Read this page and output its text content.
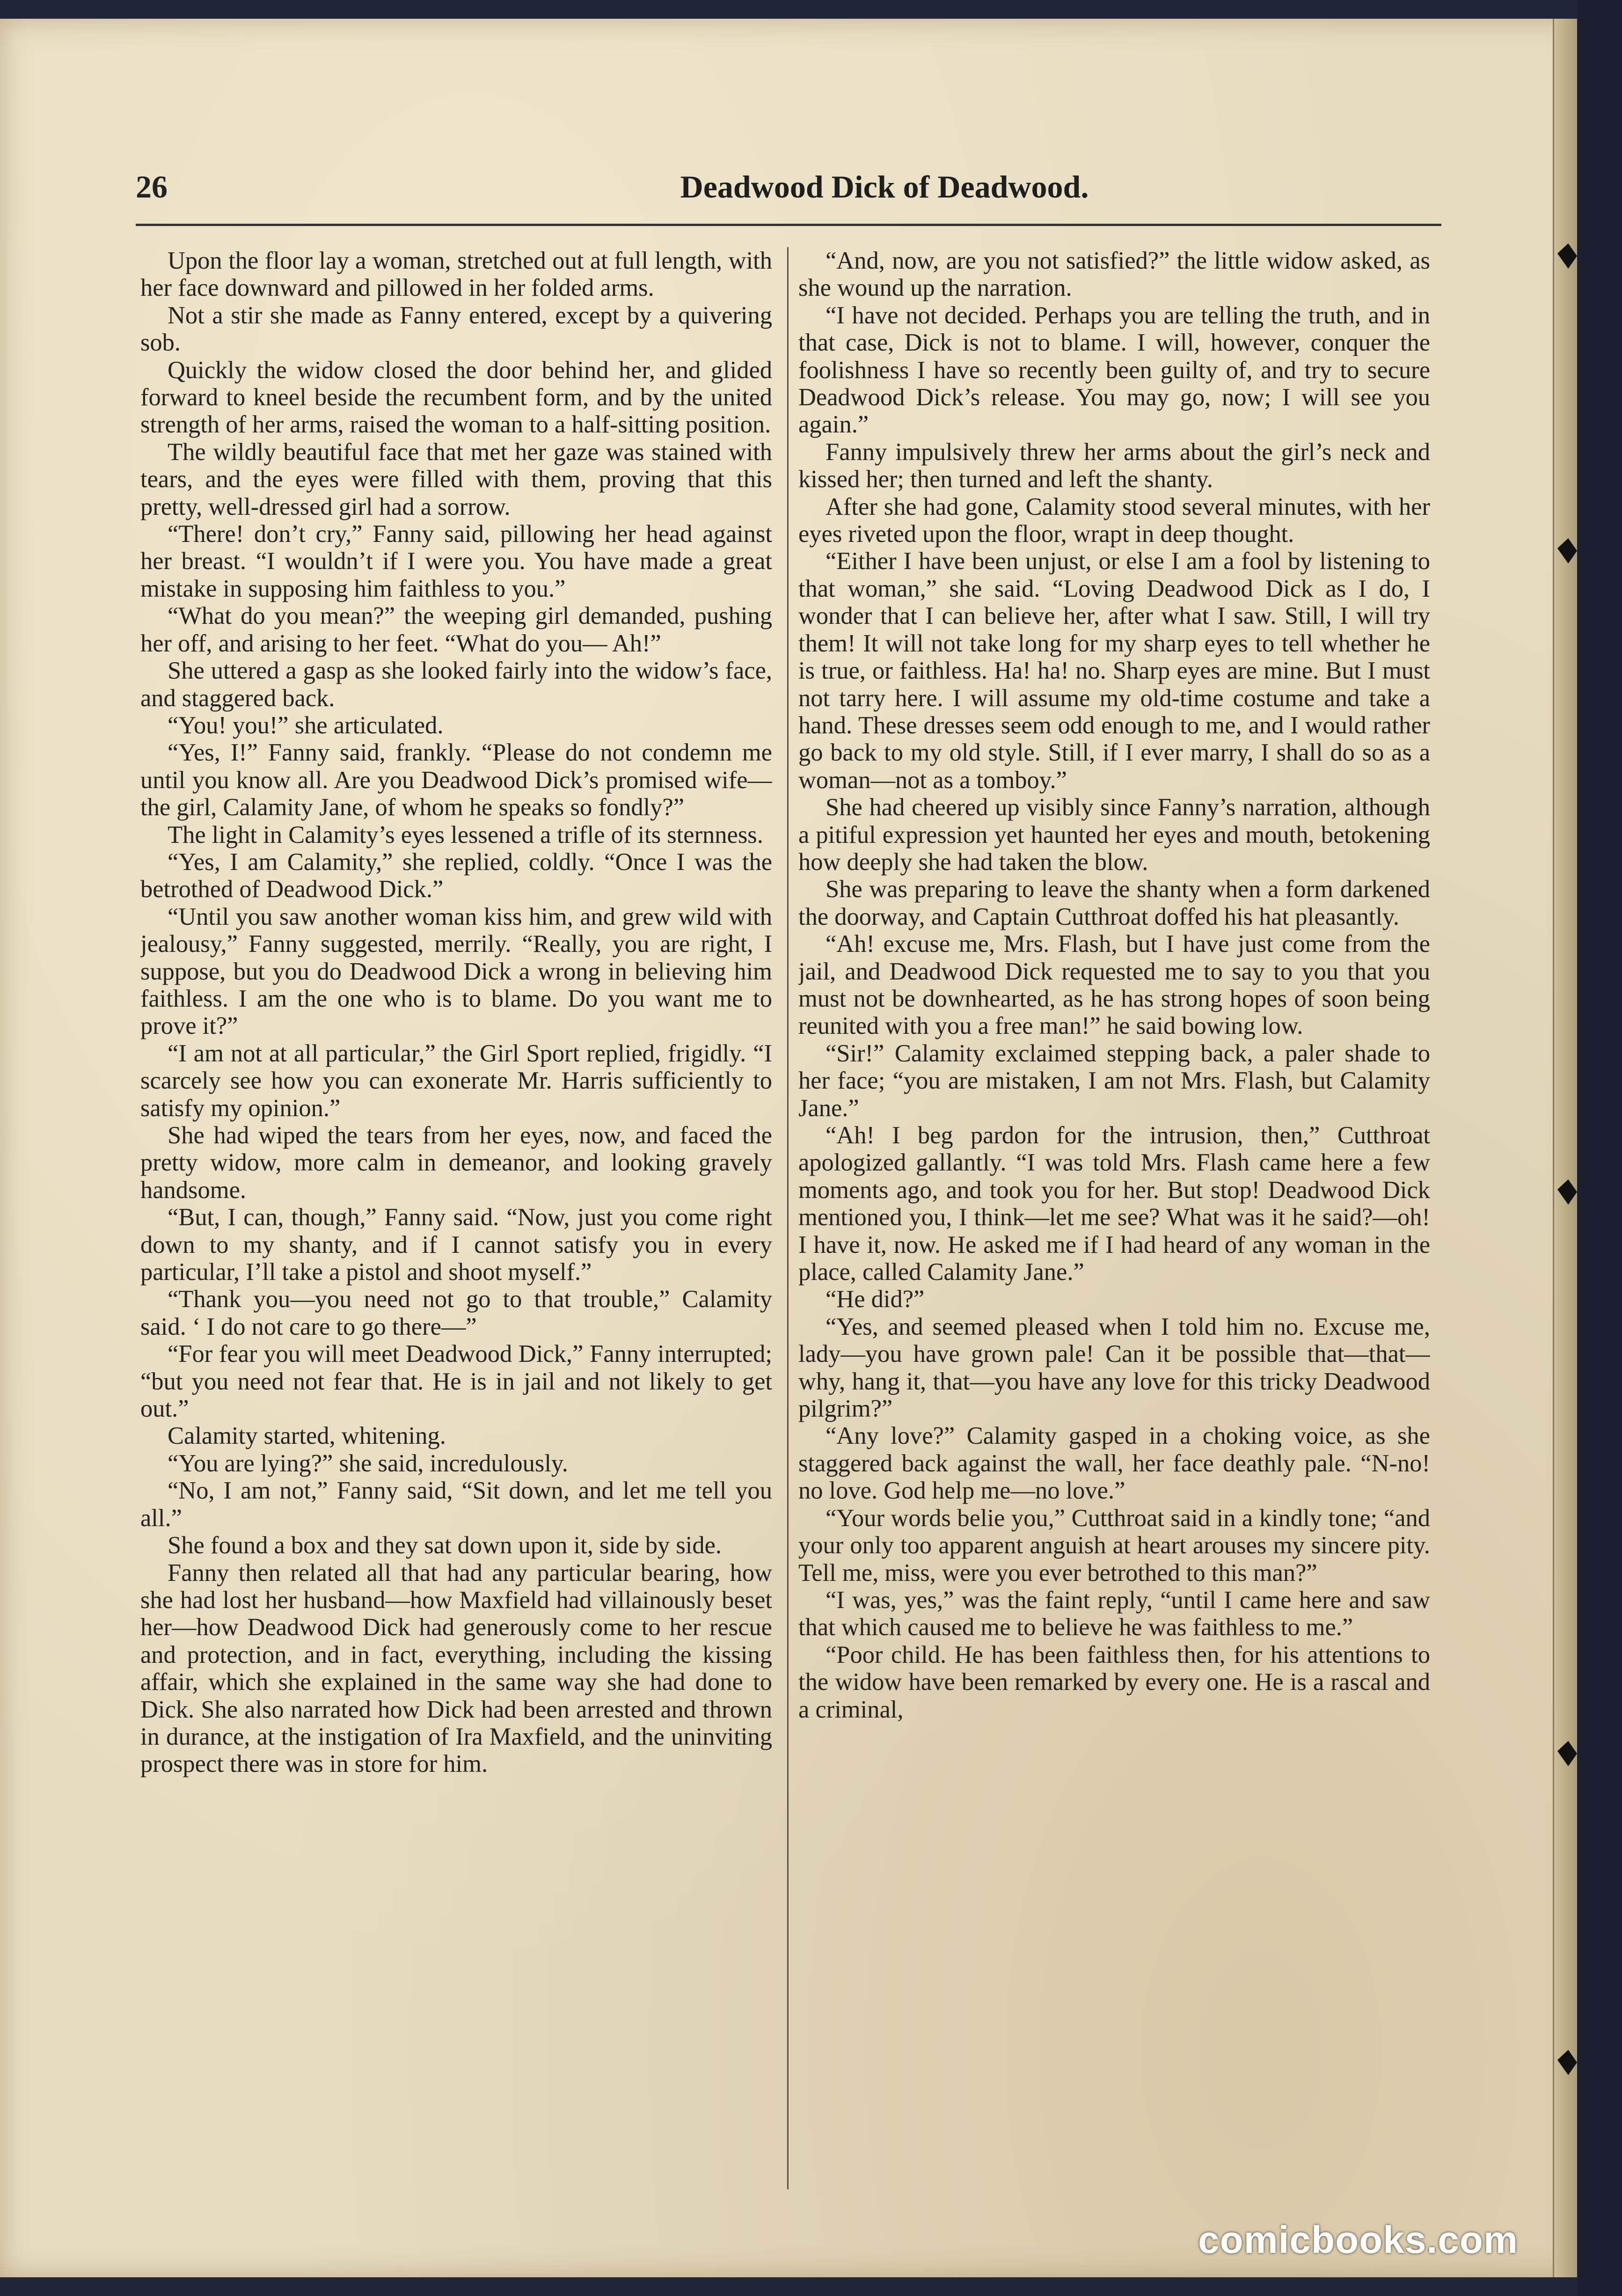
26	Deadwood Dick of Deadwood.

Upon the floor lay a woman, stretched out at full length, with her face downward and pillowed in her folded arms.

Not a stir she made as Fanny entered, except by a quivering sob.

Quickly the widow closed the door behind her, and glided forward to kneel beside the recumbent form, and by the united strength of her arms, raised the woman to a half-sitting position.

The wildly beautiful face that met her gaze was stained with tears, and the eyes were filled with them, proving that this pretty, well-dressed girl had a sorrow.

“There! don’t cry,” Fanny said, pillowing her head against her breast. “I wouldn’t if I were you. You have made a great mistake in supposing him faithless to you.”

“What do you mean?” the weeping girl demanded, pushing her off, and arising to her feet. “What do you— Ah!”

She uttered a gasp as she looked fairly into the widow’s face, and staggered back.

“You! you!” she articulated.

“Yes, I!” Fanny said, frankly. “Please do not condemn me until you know all. Are you Deadwood Dick’s promised wife—the girl, Calamity Jane, of whom he speaks so fondly?”

The light in Calamity’s eyes lessened a trifle of its sternness.

“Yes, I am Calamity,” she replied, coldly. “Once I was the betrothed of Deadwood Dick.”

“Until you saw another woman kiss him, and grew wild with jealousy,” Fanny suggested, merrily. “Really, you are right, I suppose, but you do Deadwood Dick a wrong in believing him faithless. I am the one who is to blame. Do you want me to prove it?”

“I am not at all particular,” the Girl Sport replied, frigidly. “I scarcely see how you can exonerate Mr. Harris sufficiently to satisfy my opinion.”

She had wiped the tears from her eyes, now, and faced the pretty widow, more calm in demeanor, and looking gravely handsome.

“But, I can, though,” Fanny said. “Now, just you come right down to my shanty, and if I cannot satisfy you in every particular, I’ll take a pistol and shoot myself.”

“Thank you—you need not go to that trouble,” Calamity said. ‘ I do not care to go there—”

“For fear you will meet Deadwood Dick,” Fanny interrupted; “but you need not fear that. He is in jail and not likely to get out.”

Calamity started, whitening.

“You are lying?” she said, incredulously.

“No, I am not,” Fanny said, “Sit down, and let me tell you all.”

She found a box and they sat down upon it, side by side.

Fanny then related all that had any particular bearing, how she had lost her husband—how Maxfield had villainously beset her—how Deadwood Dick had generously come to her rescue and protection, and in fact, everything, including the kissing affair, which she explained in the same way she had done to Dick. She also narrated how Dick had been arrested and thrown in durance, at the instigation of Ira Maxfield, and the uninviting prospect there was in store for him.

“And, now, are you not satisfied?” the little widow asked, as she wound up the narration.

“I have not decided. Perhaps you are telling the truth, and in that case, Dick is not to blame. I will, however, conquer the foolishness I have so recently been guilty of, and try to secure Deadwood Dick’s release. You may go, now; I will see you again.”

Fanny impulsively threw her arms about the girl’s neck and kissed her; then turned and left the shanty.

After she had gone, Calamity stood several minutes, with her eyes riveted upon the floor, wrapt in deep thought.

“Either I have been unjust, or else I am a fool by listening to that woman,” she said. “Loving Deadwood Dick as I do, I wonder that I can believe her, after what I saw. Still, I will try them! It will not take long for my sharp eyes to tell whether he is true, or faithless. Ha! ha! no. Sharp eyes are mine. But I must not tarry here. I will assume my old-time costume and take a hand. These dresses seem odd enough to me, and I would rather go back to my old style. Still, if I ever marry, I shall do so as a woman—not as a tomboy.”

She had cheered up visibly since Fanny’s narration, although a pitiful expression yet haunted her eyes and mouth, betokening how deeply she had taken the blow.

She was preparing to leave the shanty when a form darkened the doorway, and Captain Cutthroat doffed his hat pleasantly.

“Ah! excuse me, Mrs. Flash, but I have just come from the jail, and Deadwood Dick requested me to say to you that you must not be downhearted, as he has strong hopes of soon being reunited with you a free man!” he said bowing low.

“Sir!” Calamity exclaimed stepping back, a paler shade to her face; “you are mistaken, I am not Mrs. Flash, but Calamity Jane.”

“Ah! I beg pardon for the intrusion, then,” Cutthroat apologized gallantly. “I was told Mrs. Flash came here a few moments ago, and took you for her. But stop! Deadwood Dick mentioned you, I think—let me see? What was it he said?—oh! I have it, now. He asked me if I had heard of any woman in the place, called Calamity Jane.”

“He did?”

“Yes, and seemed pleased when I told him no. Excuse me, lady—you have grown pale! Can it be possible that—that—why, hang it, that—you have any love for this tricky Deadwood pilgrim?”

“Any love?” Calamity gasped in a choking voice, as she staggered back against the wall, her face deathly pale. “N-no! no love. God help me—no love.”

“Your words belie you,” Cutthroat said in a kindly tone; “and your only too apparent anguish at heart arouses my sincere pity. Tell me, miss, were you ever betrothed to this man?”

“I was, yes,” was the faint reply, “until I came here and saw that which caused me to believe he was faithless to me.”

“Poor child. He has been faithless then, for his attentions to the widow have been remarked by every one. He is a rascal and a criminal,

comicbooks.com
